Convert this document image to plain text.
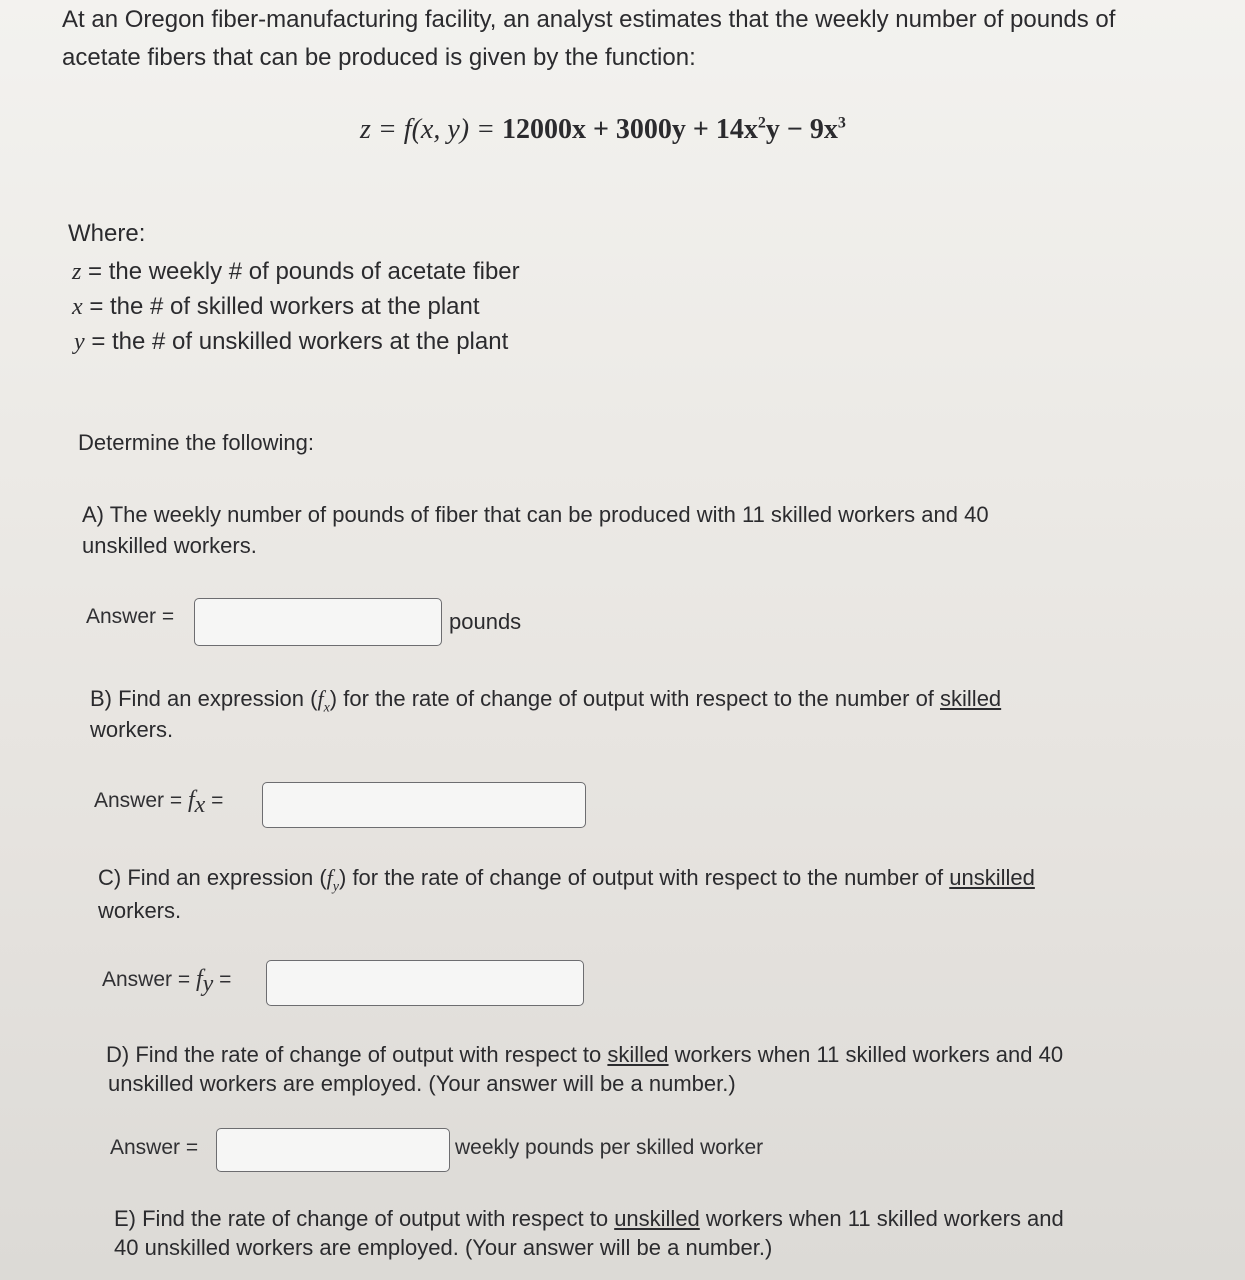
At an Oregon fiber-manufacturing facility, an analyst estimates that the weekly number of pounds of

acetate fibers that can be produced is given by the function:

z = f(x, $y) = 12000x + 3000y + 14x^2y - 9x^3$

Where:

z = the weekly # of pounds of acetate fiber

x = the # of skilled workers at the plant

y = the # of unskilled workers at the plant

Determine the following:

A) The weekly number of pounds of fiber that can be produced with 11 skilled workers and 40

unskilled workers.

Answer =	pounds

B) Find an expression $(f_x)$ for the rate of change of output with respect to the number of skilled

workers.

Answer = $f_x$ =

C) Find an expression $(f_y)$ for the rate of change of output with respect to the number of unskilled

workers.

Answer = $f_y$ =

D) Find the rate of change of output with respect to skilled workers when 11 skilled workers and 40

unskilled workers are employed. (Your answer will be a number.)

Answer =	weekly pounds per skilled worker

E) Find the rate of change of output with respect to unskilled workers when 11 skilled workers and

40 unskilled workers are employed. (Your answer will be a number.)
